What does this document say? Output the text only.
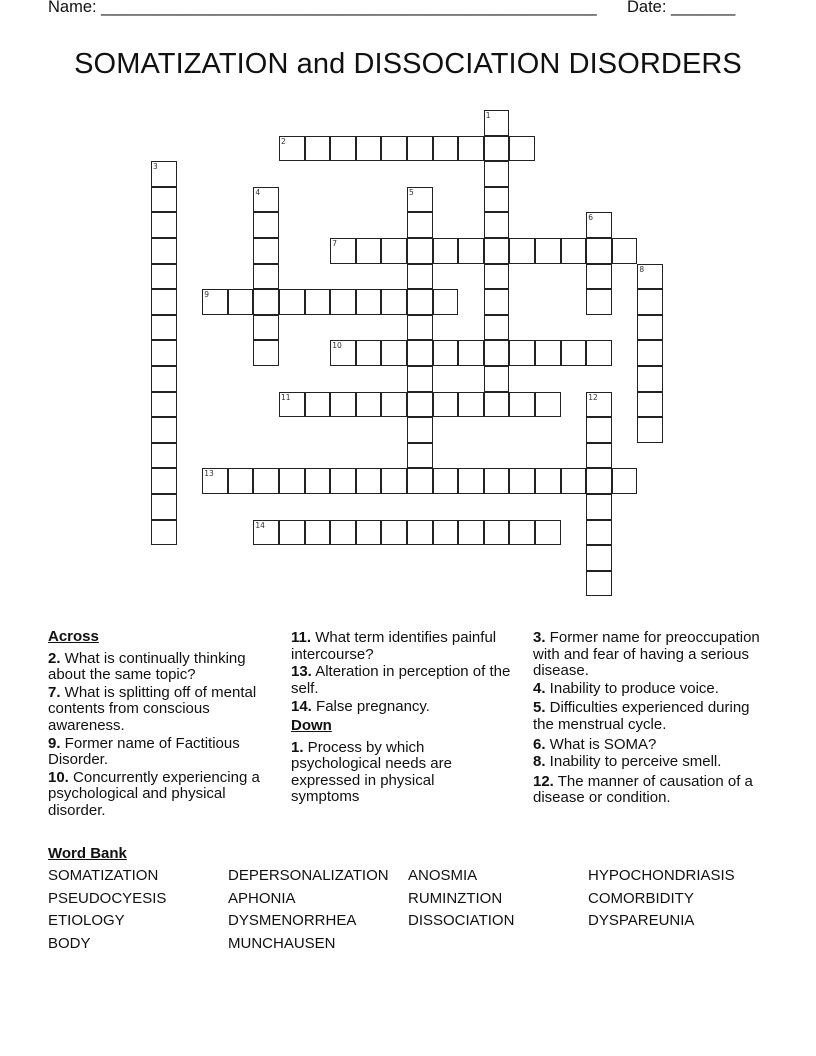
Name: ______________________________________________________ Date: _______
SOMATIZATION and DISSOCIATION DISORDERS
1
2
3
4	5
6
7
8
9
10
11	12
13
14
Across
2. What is continually thinking about the same topic?
7. What is splitting off of mental contents from conscious awareness.
9. Former name of Factitious Disorder.
10. Concurrently experiencing a psychological and physical disorder.
11. What term identifies painful intercourse?
13. Alteration in perception of the self.
14. False pregnancy.
Down
1. Process by which psychological needs are expressed in physical symptoms
3. Former name for preoccupation with and fear of having a serious disease.
4. Inability to produce voice.
5. Difficulties experienced during the menstrual cycle.
6. What is SOMA?
8. Inability to perceive smell.
12. The manner of causation of a disease or condition.
Word Bank
SOMATIZATION	DEPERSONALIZATION ANOSMIA	HYPOCHONDRIASIS
PSEUDOCYESIS	APHONIA	RUMINZTION	COMORBIDITY
ETIOLOGY	DYSMENORRHEA	DISSOCIATION	DYSPAREUNIA
BODY	MUNCHAUSEN
